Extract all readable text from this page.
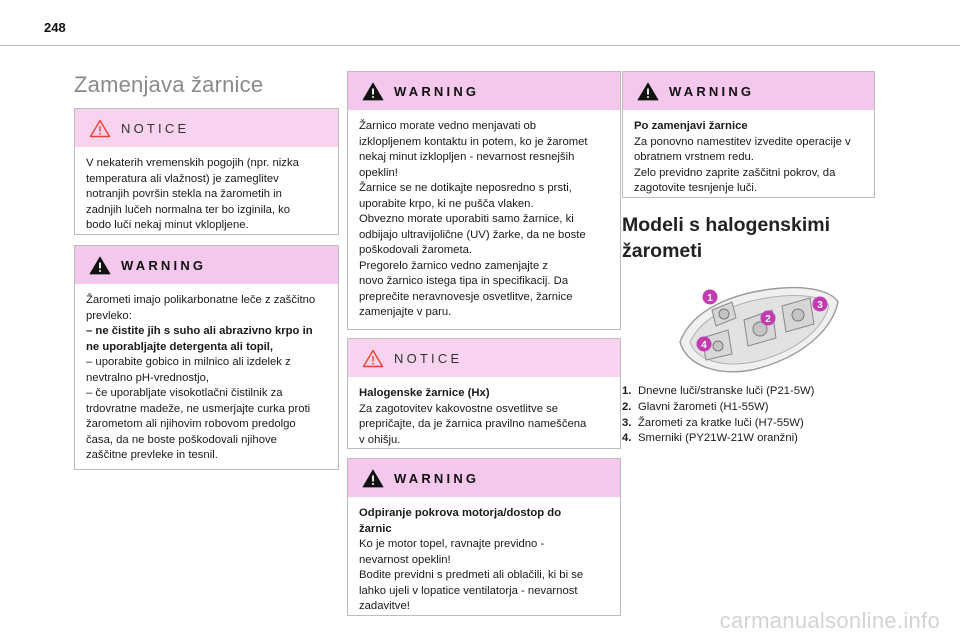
248
Zamenjava žarnice
NOTICE

V nekaterih vremenskih pogojih (npr. nizka

temperatura ali vlažnost) je zameglitev

notranjih površin stekla na žarometih in

zadnjih lučeh normalna ter bo izginila, ko

bodo luči nekaj minut vklopljene.

WARNING

Žarometi imajo polikarbonatne leče z zaščitno

prevleko:

– ne čistite jih s suho ali abrazivno krpo in

ne uporabljajte detergenta ali topil,

– uporabite gobico in milnico ali izdelek z

nevtralno pH-vrednostjo,

– če uporabljate visokotlačni čistilnik za

trdovratne madeže, ne usmerjajte curka proti

žarometom ali njihovim robovom predolgo

časa, da ne boste poškodovali njihove

zaščitne prevleke in tesnil.

WARNING

Žarnico morate vedno menjavati ob

izklopljenem kontaktu in potem, ko je žaromet

nekaj minut izklopljen - nevarnost resnejših

opeklin!

Žarnice se ne dotikajte neposredno s prsti,

uporabite krpo, ki ne pušča vlaken.

Obvezno morate uporabiti samo žarnice, ki

odbijajo ultravijolične (UV) žarke, da ne boste

poškodovali žarometa.

Pregorelo žarnico vedno zamenjajte z

novo žarnico istega tipa in specifikacij. Da

preprečite neravnovesje osvetlitve, žarnice

zamenjajte v paru.

NOTICE

Halogenske žarnice (Hx)

Za zagotovitev kakovostne osvetlitve se

prepričajte, da je žarnica pravilno nameščena

v ohišju.

WARNING

Odpiranje pokrova motorja/dostop do

žarnic

Ko je motor topel, ravnajte previdno -

nevarnost opeklin!

Bodite previdni s predmeti ali oblačili, ki bi se

lahko ujeli v lopatice ventilatorja - nevarnost

zadavitve!

WARNING

Po zamenjavi žarnice

Za ponovno namestitev izvedite operacije v

obratnem vrstnem redu.

Zelo previdno zaprite zaščitni pokrov, da

zagotovite tesnjenje luči.

Modeli s halogenskimi
žarometi
1
2
3
4
1. Dnevne luči/stranske luči (P21-5W)
2. Glavni žarometi (H1-55W)
3. Žarometi za kratke luči (H7-55W)
4. Smerniki (PY21W-21W oranžni)
carmanualsonline.info
